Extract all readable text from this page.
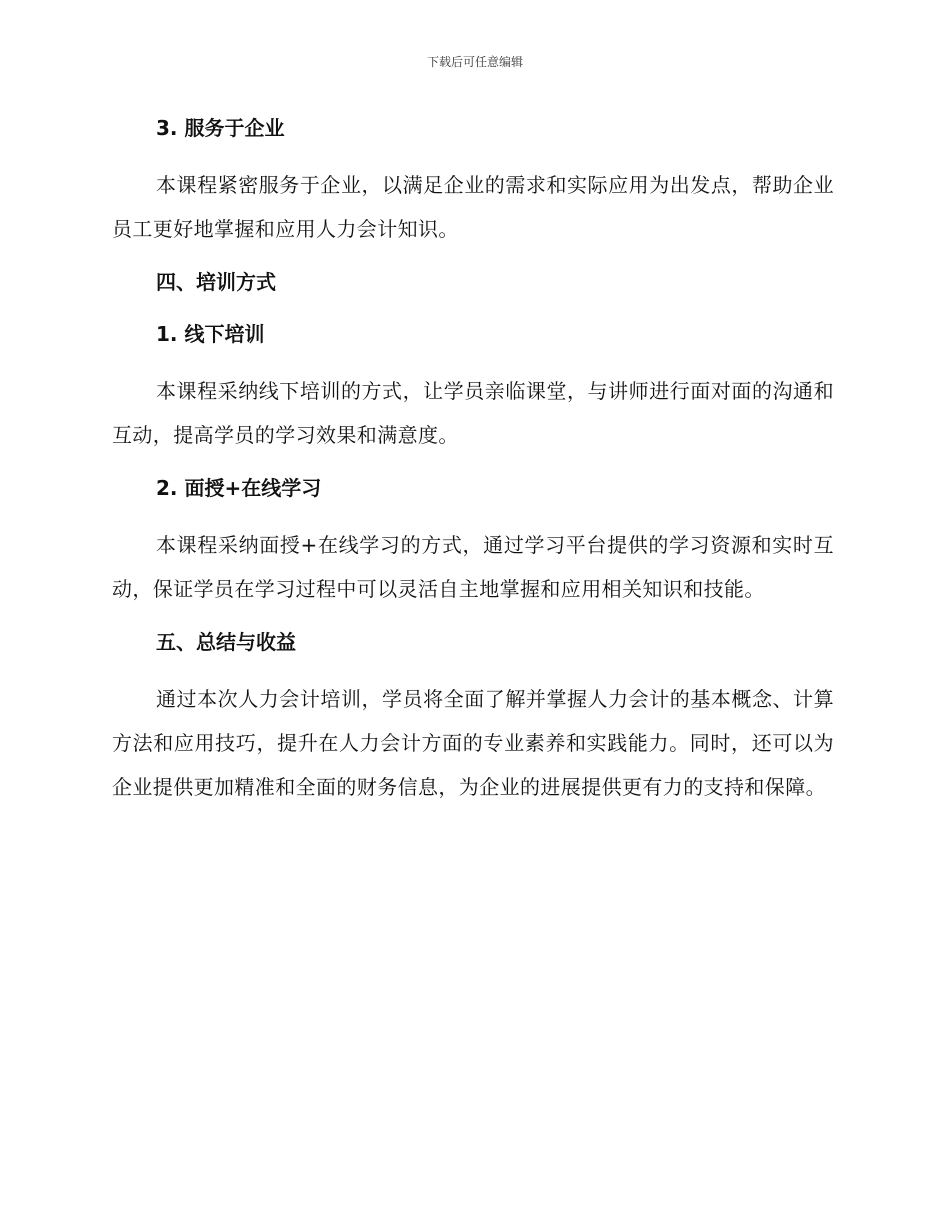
下载后可任意编辑
3. 服务于企业
本课程紧密服务于企业，以满足企业的需求和实际应用为出发点，帮助企业员工更好地掌握和应用人力会计知识。
四、培训方式
1. 线下培训
本课程采纳线下培训的方式，让学员亲临课堂，与讲师进行面对面的沟通和互动，提高学员的学习效果和满意度。
2. 面授+在线学习
本课程采纳面授+在线学习的方式，通过学习平台提供的学习资源和实时互动，保证学员在学习过程中可以灵活自主地掌握和应用相关知识和技能。
五、总结与收益
通过本次人力会计培训，学员将全面了解并掌握人力会计的基本概念、计算方法和应用技巧，提升在人力会计方面的专业素养和实践能力。同时，还可以为企业提供更加精准和全面的财务信息，为企业的进展提供更有力的支持和保障。
